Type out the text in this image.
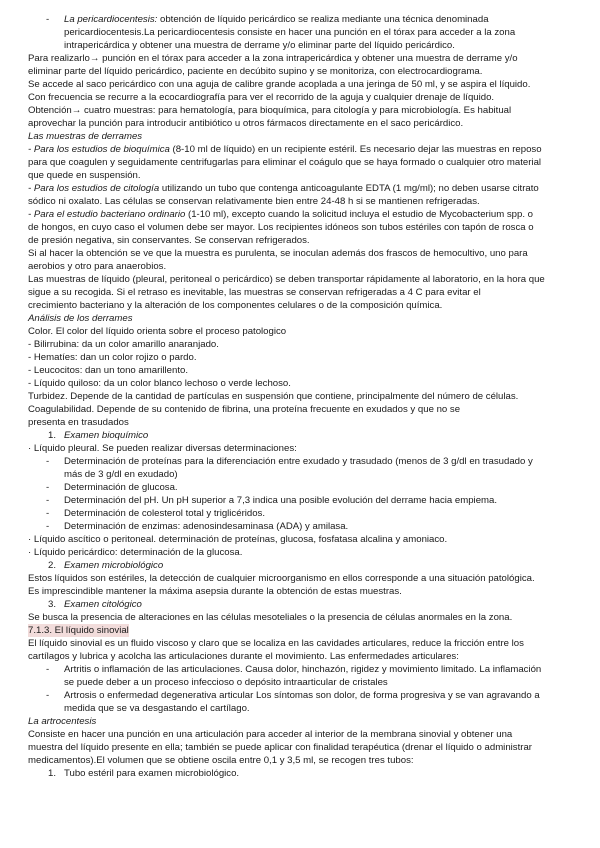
- La pericardiocentesis: obtención de líquido pericárdico se realiza mediante una técnica denominada
pericardiocentesis.La pericardiocentesis consiste en hacer una punción en el tórax para acceder a la zona
intrapericárdica y obtener una muestra de derrame y/o eliminar parte del líquido pericárdico.
Para realizarlo→ punción en el tórax para acceder a la zona intrapericárdica y obtener una muestra de derrame y/o
eliminar parte del líquido pericárdico, paciente en decúbito supino y se monitoriza, con electrocardiograma.
Se accede al saco pericárdico con una aguja de calibre grande acoplada a una jeringa de 50 ml, y se aspira el líquido.
Con frecuencia se recurre a la ecocardiografía para ver el recorrido de la aguja y cualquier drenaje de líquido.
Obtención→ cuatro muestras: para hematología, para bioquímica, para citología y para microbiología. Es habitual
aprovechar la punción para introducir antibiótico u otros fármacos directamente en el saco pericárdico.
Las muestras de derrames
- Para los estudios de bioquímica (8-10 ml de líquido) en un recipiente estéril. Es necesario dejar las muestras en reposo
para que coagulen y seguidamente centrifugarlas para eliminar el coágulo que se haya formado o cualquier otro material
que quede en suspensión.
- Para los estudios de citología utilizando un tubo que contenga anticoagulante EDTA (1 mg/ml); no deben usarse citrato
sódico ni oxalato. Las células se conservan relativamente bien entre 24-48 h si se mantienen refrigeradas.
- Para el estudio bacteriano ordinario (1-10 ml), excepto cuando la solicitud incluya el estudio de Mycobacterium spp. o
de hongos, en cuyo caso el volumen debe ser mayor. Los recipientes idóneos son tubos estériles con tapón de rosca o
de presión negativa, sin conservantes. Se conservan refrigerados.
Si al hacer la obtención se ve que la muestra es purulenta, se inoculan además dos frascos de hemocultivo, uno para
aerobios y otro para anaerobios.
Las muestras de líquido (pleural, peritoneal o pericárdico) se deben transportar rápidamente al laboratorio, en la hora que
sigue a su recogida. Si el retraso es inevitable, las muestras se conservan refrigeradas a 4 C para evitar el
crecimiento bacteriano y la alteración de los componentes celulares o de la composición química.
Análisis de los derrames
Color. El color del líquido orienta sobre el proceso patologico
- Bilirrubina: da un color amarillo anaranjado.
- Hematíes: dan un color rojizo o pardo.
- Leucocitos: dan un tono amarillento.
- Líquido quiloso: da un color blanco lechoso o verde lechoso.
Turbidez. Depende de la cantidad de partículas en suspensión que contiene, principalmente del número de células.
Coagulabilidad. Depende de su contenido de fibrina, una proteína frecuente en exudados y que no se
presenta en trasudados
1. Examen bioquímico
· Líquido pleural. Se pueden realizar diversas determinaciones:
- Determinación de proteínas para la diferenciación entre exudado y trasudado (menos de 3 g/dl en trasudado y
más de 3 g/dl en exudado)
- Determinación de glucosa.
- Determinación del pH. Un pH superior a 7,3 indica una posible evolución del derrame hacia empiema.
- Determinación de colesterol total y triglicéridos.
- Determinación de enzimas: adenosindesaminasa (ADA) y amilasa.
· Líquido ascítico o peritoneal. determinación de proteínas, glucosa, fosfatasa alcalina y amoniaco.
· Líquido pericárdico: determinación de la glucosa.
2. Examen microbiológico
Estos líquidos son estériles, la detección de cualquier microorganismo en ellos corresponde a una situación patológica.
Es imprescindible mantener la máxima asepsia durante la obtención de estas muestras.
3. Examen citológico
Se busca la presencia de alteraciones en las células mesoteliales o la presencia de células anormales en la zona.
7.1.3. El líquido sinovial
El líquido sinovial es un fluido viscoso y claro que se localiza en las cavidades articulares, reduce la fricción entre los
cartílagos y lubrica y acolcha las articulaciones durante el movimiento. Las enfermedades articulares:
- Artritis o inflamación de las articulaciones. Causa dolor, hinchazón, rigidez y movimiento limitado. La inflamación
se puede deber a un proceso infeccioso o depósito intraarticular de cristales
- Artrosis o enfermedad degenerativa articular Los síntomas son dolor, de forma progresiva y se van agravando a
medida que se va desgastando el cartílago.
La artrocentesis
Consiste en hacer una punción en una articulación para acceder al interior de la membrana sinovial y obtener una
muestra del líquido presente en ella; también se puede aplicar con finalidad terapéutica (drenar el líquido o administrar
medicamentos).El volumen que se obtiene oscila entre 0,1 y 3,5 ml, se recogen tres tubos:
1. Tubo estéril para examen microbiológico.
